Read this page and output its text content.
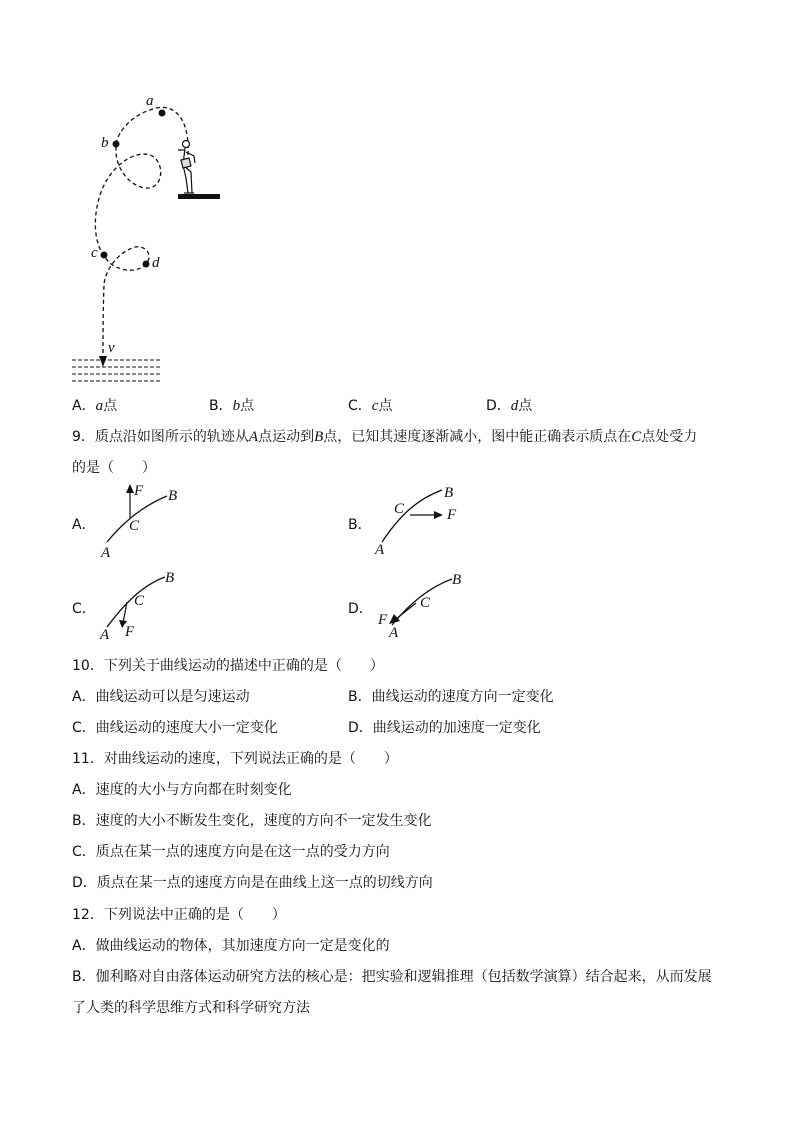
a
b
c
d
v
A．a点	B．b点	C．c点	D．d点
9．质点沿如图所示的轨迹从A点运动到B点，已知其速度逐渐减小，图中能正确表示质点在C点处受力
的是（　　）
A．
F B
C
A
B．
C
B
F
A
C．
B
C
A F
D．
B
C
F
A
10．下列关于曲线运动的描述中正确的是（　　）
A．曲线运动可以是匀速运动	B．曲线运动的速度方向一定变化
C．曲线运动的速度大小一定变化	D．曲线运动的加速度一定变化
11．对曲线运动的速度，下列说法正确的是（　　）
A．速度的大小与方向都在时刻变化
B．速度的大小不断发生变化，速度的方向不一定发生变化
C．质点在某一点的速度方向是在这一点的受力方向
D．质点在某一点的速度方向是在曲线上这一点的切线方向
12．下列说法中正确的是（　　）
A．做曲线运动的物体，其加速度方向一定是变化的
B．伽利略对自由落体运动研究方法的核心是：把实验和逻辑推理（包括数学演算）结合起来，从而发展
了人类的科学思维方式和科学研究方法
